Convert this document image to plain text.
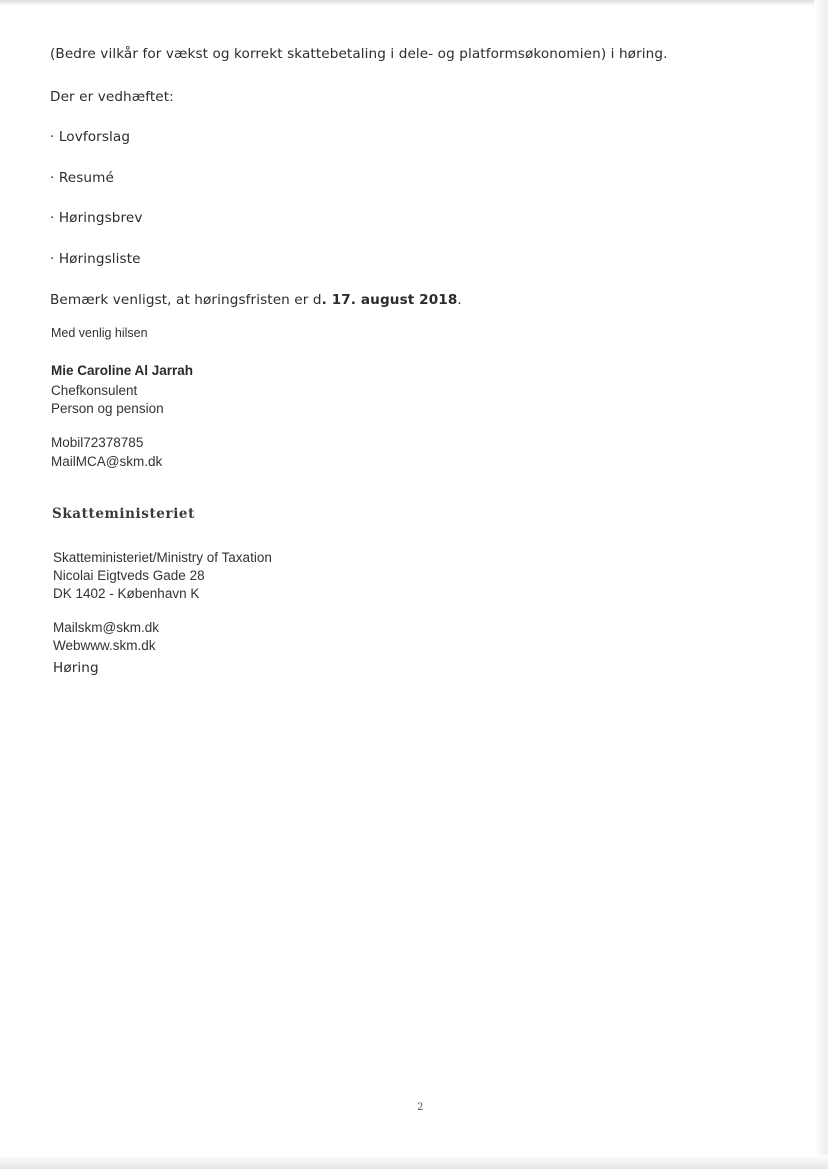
(Bedre vilkår for vækst og korrekt skattebetaling i dele- og platformsøkonomien) i høring.
Der er vedhæftet:
· Lovforslag
· Resumé
· Høringsbrev
· Høringsliste
Bemærk venligst, at høringsfristen er d. 17. august 2018.
Med venlig hilsen
Mie Caroline Al Jarrah
Chefkonsulent
Person og pension
Mobil72378785
MailMCA@skm.dk
Skatteministeriet
Skatteministeriet/Ministry of Taxation
Nicolai Eigtveds Gade 28
DK 1402 - København K
Mailskm@skm.dk
Webwww.skm.dk
Høring
2
